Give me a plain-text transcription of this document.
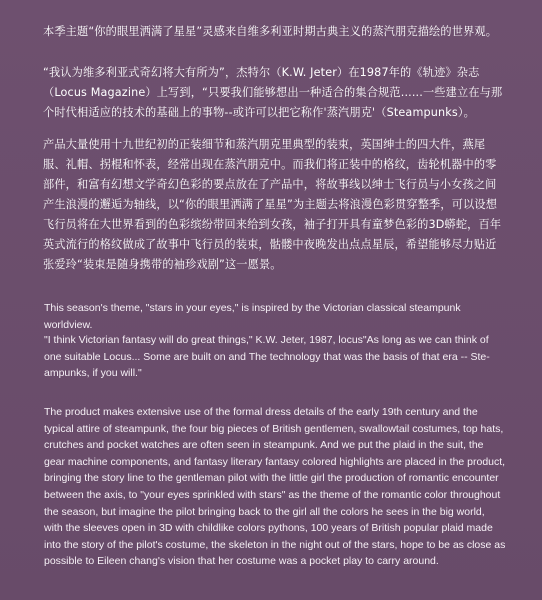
本季主题“你的眼里洒满了星星”灵感来自维多利亚时期古典主义的蒸汽朋克描绘的世界观。

“我认为维多利亚式奇幻将大有所为”，杰特尔（K.W. Jeter）在1987年的《轨迹》杂志（Locus Magazine）上写到，“只要我们能够想出一种适合的集合规范......一些建立在与那个时代相适应的技术的基础上的事物--或许可以把它称作'蒸汽朋克'（Steampunks）。

产品大量使用十九世纪初的正装细节和蒸汽朋克里典型的装束，英国绅士的四大件，燕尾服、礼帽、拐棍和怀表，经常出现在蒸汽朋克中。而我们将正装中的格纹，齿轮机器中的零部件，和富有幻想文学奇幻色彩的要点放在了产品中，将故事线以绅士飞行员与小女孩之间产生浪漫的邂逅为轴线，以“你的眼里洒满了星星”为主题去将浪漫色彩贯穿整季，可以设想飞行员将在大世界看到的色彩缤纷带回来给到女孩，袖子打开具有童梦色彩的3D蟒蛇，百年英式流行的格纹做成了故事中飞行员的装束，骷髅中夜晚发出点点星辰，希望能够尽力贴近张爱玲“装束是随身携带的袖珍戏剧”这一愿景。

This season's theme, "stars in your eyes," is inspired by the Victorian classical steampunk worldview.

"I think Victorian fantasy will do great things," K.W. Jeter, 1987, locus"As long as we can think of one suitable Locus... Some are built on and The technology that was the basis of that era -- Ste-ampunks, if you will."

The product makes extensive use of the formal dress details of the early 19th century and the typical attire of steampunk, the four big pieces of British gentlemen, swallowtail costumes, top hats, crutches and pocket watches are often seen in steampunk. And we put the plaid in the suit, the gear machine components, and fantasy literary fantasy colored highlights are placed in the product, bringing the story line to the gentleman pilot with the little girl the production of romantic encounter between the axis, to "your eyes sprinkled with stars" as the theme of the romantic color throughout the season, but imagine the pilot bringing back to the girl all the colors he sees in the big world, with the sleeves open in 3D with childlike colors pythons, 100 years of British popular plaid made into the story of the pilot's costume, the skeleton in the night out of the stars, hope to be as close as possible to Eileen chang's vision that her costume was a pocket play to carry around.
